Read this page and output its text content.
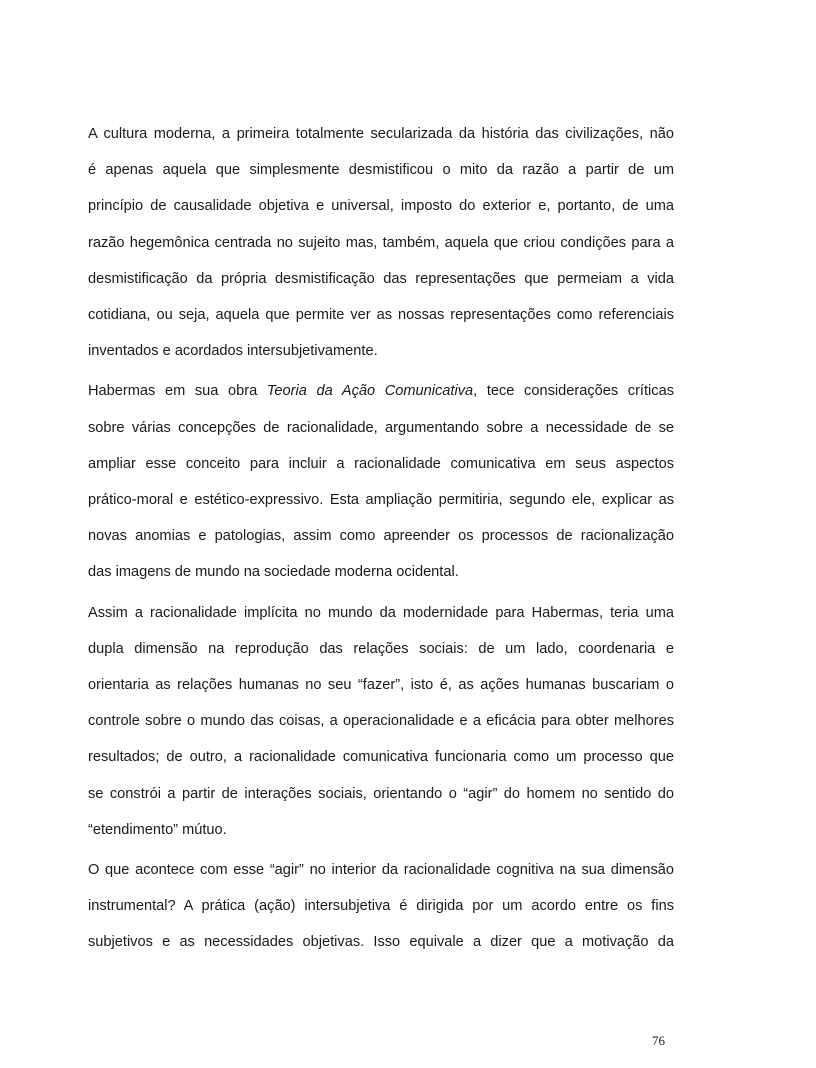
A cultura moderna, a primeira totalmente secularizada da história das civilizações, não
é apenas aquela que simplesmente desmistificou o mito da razão a partir de um
princípio de causalidade objetiva e universal, imposto do exterior e, portanto, de uma
razão hegemônica centrada no sujeito mas, também, aquela que criou condições para a
desmistificação da própria desmistificação das representações que permeiam a vida
cotidiana, ou seja, aquela que permite ver as nossas representações como referenciais
inventados e acordados intersubjetivamente.

Habermas em sua obra Teoria da Ação Comunicativa, tece considerações críticas
sobre várias concepções de racionalidade, argumentando sobre a necessidade de se
ampliar esse conceito para incluir a racionalidade comunicativa em seus aspectos
prático-moral e estético-expressivo. Esta ampliação permitiria, segundo ele, explicar as
novas anomias e patologias, assim como apreender os processos de racionalização
das imagens de mundo na sociedade moderna ocidental.

Assim a racionalidade implícita no mundo da modernidade para Habermas, teria uma
dupla dimensão na reprodução das relações sociais: de um lado, coordenaria e
orientaria as relações humanas no seu “fazer”, isto é, as ações humanas buscariam o
controle sobre o mundo das coisas, a operacionalidade e a eficácia para obter melhores
resultados; de outro, a racionalidade comunicativa funcionaria como um processo que
se constrói a partir de interações sociais, orientando o “agir” do homem no sentido do
“etendimento” mútuo.

O que acontece com esse “agir” no interior da racionalidade cognitiva na sua dimensão
instrumental? A prática (ação) intersubjetiva é dirigida por um acordo entre os fins
subjetivos e as necessidades objetivas. Isso equivale a dizer que a motivação da

76
